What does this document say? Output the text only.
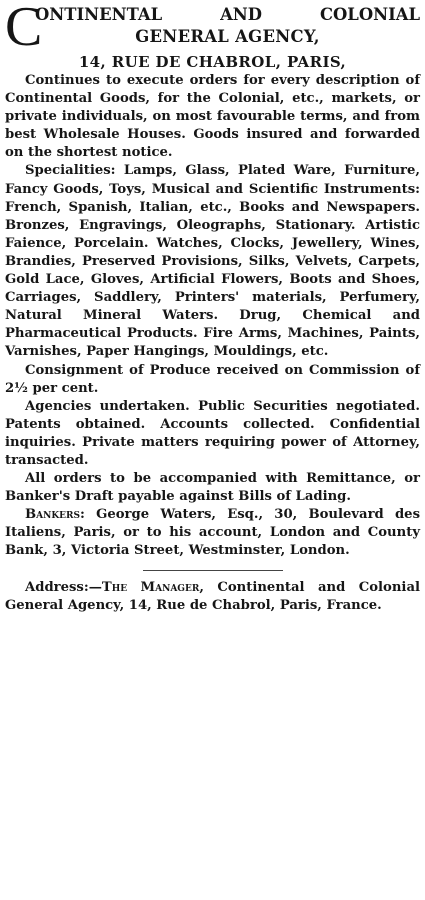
C
ONTINENTAL AND COLONIAL
GENERAL AGENCY,
14, RUE DE CHABROL, PARIS,

Continues to execute orders for every description of Continental Goods, for the Colonial, etc., markets, or private individuals, on most favourable terms, and from best Wholesale Houses. Goods insured and forwarded on the shortest notice.

Specialities: Lamps, Glass, Plated Ware, Furniture, Fancy Goods, Toys, Musical and Scientific Instruments: French, Spanish, Italian, etc., Books and Newspapers. Bronzes, Engravings, Oleographs, Stationary. Artistic Faience, Porcelain. Watches, Clocks, Jewellery, Wines, Brandies, Preserved Provisions, Silks, Velvets, Carpets, Gold Lace, Gloves, Artificial Flowers, Boots and Shoes, Carriages, Saddlery, Printers' materials, Perfumery, Natural Mineral Waters. Drug, Chemical and Pharmaceutical Products. Fire Arms, Machines, Paints, Varnishes, Paper Hangings, Mouldings, etc.

Consignment of Produce received on Commission of 2½ per cent.

Agencies undertaken. Public Securities negotiated. Patents obtained. Accounts collected. Confidential inquiries. Private matters requiring power of Attorney, transacted.

All orders to be accompanied with Remittance, or Banker's Draft payable against Bills of Lading.

Bankers: George Waters, Esq., 30, Boulevard des Italiens, Paris, or to his account, London and County Bank, 3, Victoria Street, Westminster, London.

Address:—The Manager, Continental and Colonial General Agency, 14, Rue de Chabrol, Paris, France.
